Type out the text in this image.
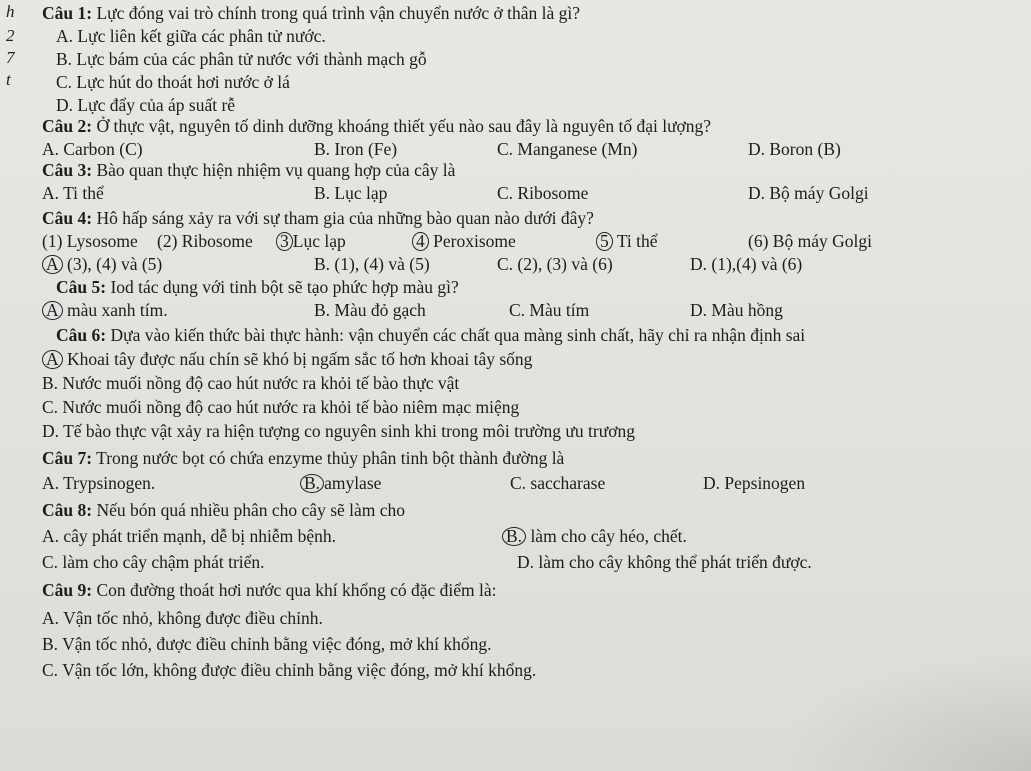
h
2
7
t
Câu 1: Lực đóng vai trò chính trong quá trình vận chuyển nước ở thân là gì?
A. Lực liên kết giữa các phân tử nước.
B. Lực bám của các phân tử nước với thành mạch gỗ
C. Lực hút do thoát hơi nước ở lá
D. Lực đẩy của áp suất rễ
Câu 2: Ở thực vật, nguyên tố dinh dưỡng khoáng thiết yếu nào sau đây là nguyên tố đại lượng?
A. Carbon (C)	B. Iron (Fe)	C. Manganese (Mn)	D. Boron (B)
Câu 3: Bào quan thực hiện nhiệm vụ quang hợp của cây là
A. Ti thể	B. Lục lạp	C. Ribosome	D. Bộ máy Golgi
Câu 4: Hô hấp sáng xảy ra với sự tham gia của những bào quan nào dưới đây?
(1) Lysosome (2) Ribosome 3 Lục lạp	4 Peroxisome	5 Ti thể	(6) Bộ máy Golgi
A (3), (4) và (5)	B. (1), (4) và (5)	C. (2), (3) và (6)	D. (1),(4) và (6)
Câu 5: Iod tác dụng với tinh bột sẽ tạo phức hợp màu gì?
A màu xanh tím.	B. Màu đỏ gạch	C. Màu tím	D. Màu hồng
Câu 6: Dựa vào kiến thức bài thực hành: vận chuyển các chất qua màng sinh chất, hãy chỉ ra nhận định sai
A Khoai tây được nấu chín sẽ khó bị ngấm sắc tố hơn khoai tây sống
B. Nước muối nồng độ cao hút nước ra khỏi tế bào thực vật
C. Nước muối nồng độ cao hút nước ra khỏi tế bào niêm mạc miệng
D. Tế bào thực vật xảy ra hiện tượng co nguyên sinh khi trong môi trường ưu trương
Câu 7: Trong nước bọt có chứa enzyme thủy phân tinh bột thành đường là
A. Trypsinogen.	B. amylase	C. saccharase	D. Pepsinogen
Câu 8: Nếu bón quá nhiều phân cho cây sẽ làm cho
A. cây phát triển mạnh, dễ bị nhiễm bệnh.	B. làm cho cây héo, chết.
C. làm cho cây chậm phát triển.	D. làm cho cây không thể phát triển được.
Câu 9: Con đường thoát hơi nước qua khí khổng có đặc điểm là:
A. Vận tốc nhỏ, không được điều chỉnh.
B. Vận tốc nhỏ, được điều chỉnh bằng việc đóng, mở khí khổng.
C. Vận tốc lớn, không được điều chỉnh bằng việc đóng, mở khí khổng.
